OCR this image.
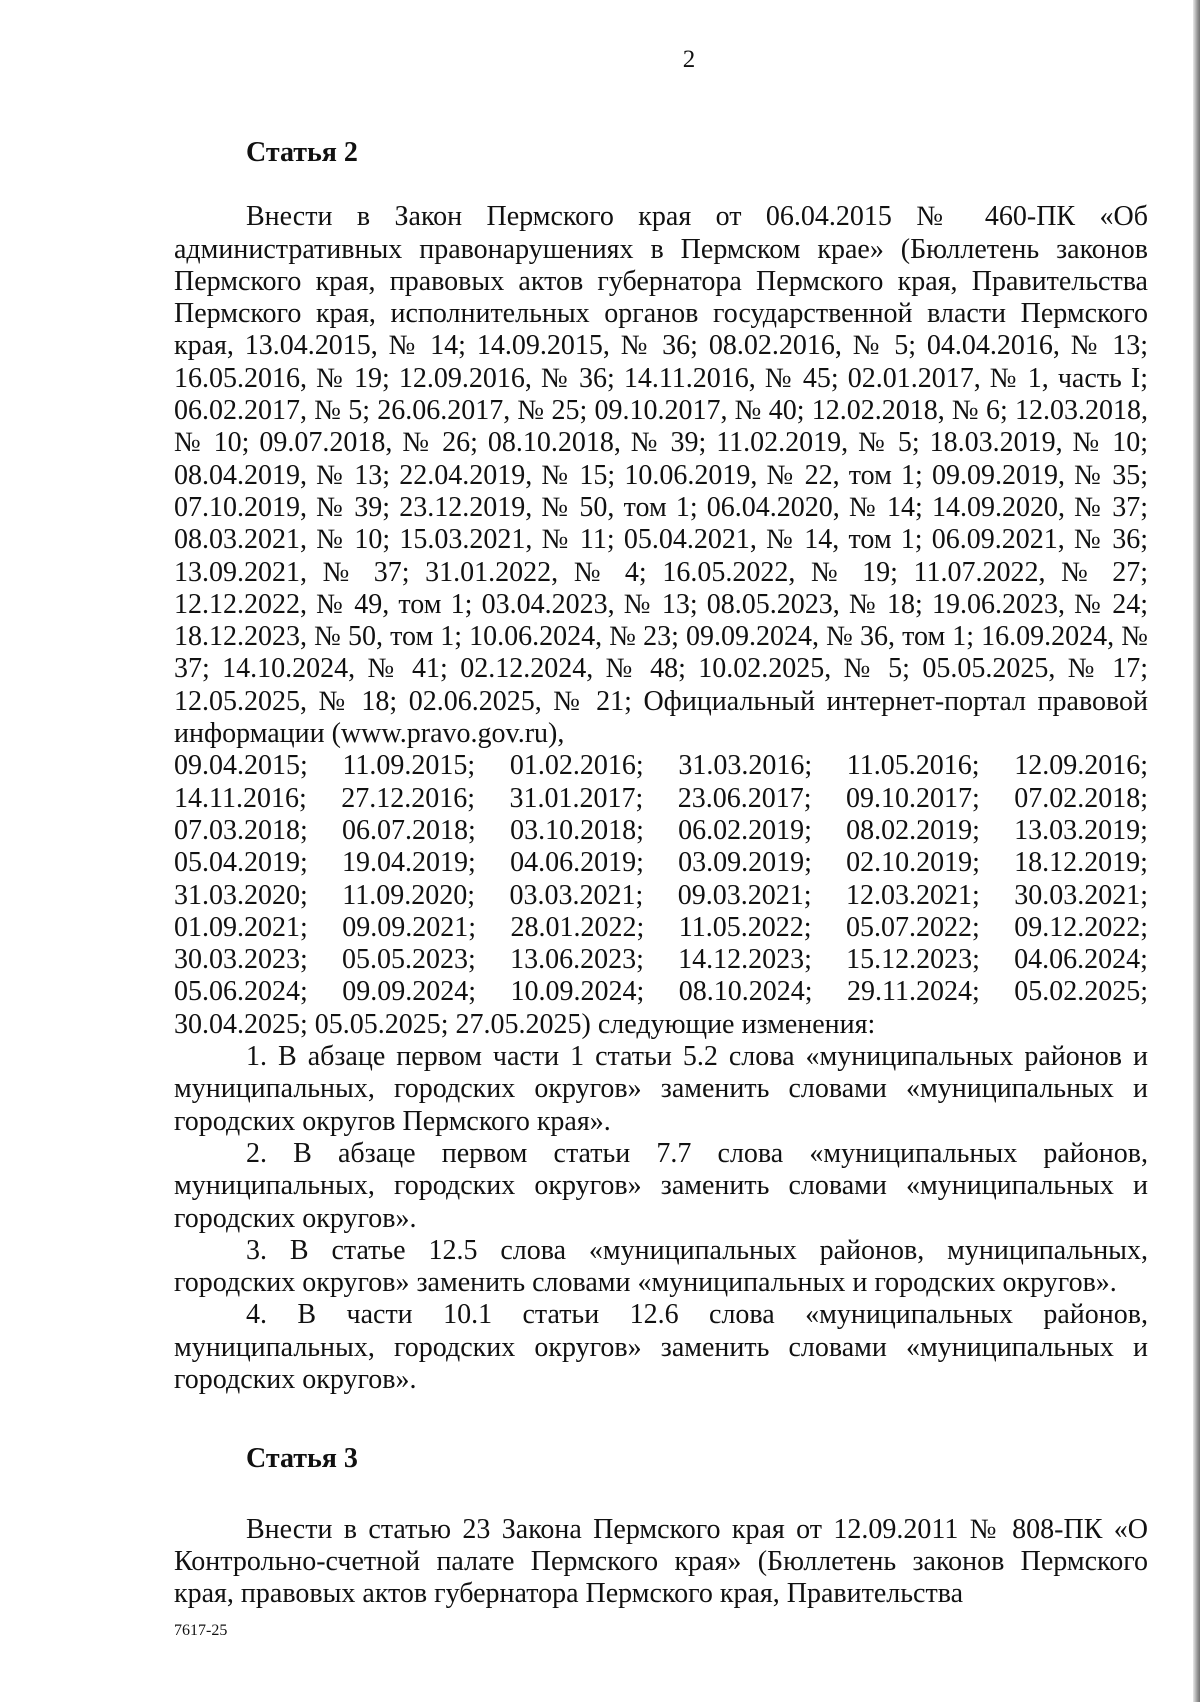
2
Статья 2

Внести в Закон Пермского края от 06.04.2015 № 460-ПК «Об административных правонарушениях в Пермском крае» (Бюллетень законов Пермского края, правовых актов губернатора Пермского края, Правительства Пермского края, исполнительных органов государственной власти Пермского края, 13.04.2015, № 14; 14.09.2015, № 36; 08.02.2016, № 5; 04.04.2016, № 13; 16.05.2016, № 19; 12.09.2016, № 36; 14.11.2016, № 45; 02.01.2017, № 1, часть I; 06.02.2017, № 5; 26.06.2017, № 25; 09.10.2017, № 40; 12.02.2018, № 6; 12.03.2018, № 10; 09.07.2018, № 26; 08.10.2018, № 39; 11.02.2019, № 5; 18.03.2019, № 10; 08.04.2019, № 13; 22.04.2019, № 15; 10.06.2019, № 22, том 1; 09.09.2019, № 35; 07.10.2019, № 39; 23.12.2019, № 50, том 1; 06.04.2020, № 14; 14.09.2020, № 37; 08.03.2021, № 10; 15.03.2021, № 11; 05.04.2021, № 14, том 1; 06.09.2021, № 36; 13.09.2021, № 37; 31.01.2022, № 4; 16.05.2022, № 19; 11.07.2022, № 27; 12.12.2022, № 49, том 1; 03.04.2023, № 13; 08.05.2023, № 18; 19.06.2023, № 24; 18.12.2023, № 50, том 1; 10.06.2024, № 23; 09.09.2024, № 36, том 1; 16.09.2024, № 37; 14.10.2024, № 41; 02.12.2024, № 48; 10.02.2025, № 5; 05.05.2025, № 17; 12.05.2025, № 18; 02.06.2025, № 21; Официальный интернет-портал правовой информации (www.pravo.gov.ru),

09.04.2015; 11.09.2015; 01.02.2016; 31.03.2016; 11.05.2016; 12.09.2016;
14.11.2016; 27.12.2016; 31.01.2017; 23.06.2017; 09.10.2017; 07.02.2018;
07.03.2018; 06.07.2018; 03.10.2018; 06.02.2019; 08.02.2019; 13.03.2019;
05.04.2019; 19.04.2019; 04.06.2019; 03.09.2019; 02.10.2019; 18.12.2019;
31.03.2020; 11.09.2020; 03.03.2021; 09.03.2021; 12.03.2021; 30.03.2021;
01.09.2021; 09.09.2021; 28.01.2022; 11.05.2022; 05.07.2022; 09.12.2022;
30.03.2023; 05.05.2023; 13.06.2023; 14.12.2023; 15.12.2023; 04.06.2024;
05.06.2024; 09.09.2024; 10.09.2024; 08.10.2024; 29.11.2024; 05.02.2025;
30.04.2025; 05.05.2025; 27.05.2025) следующие изменения:

1. В абзаце первом части 1 статьи 5.2 слова «муниципальных районов и муниципальных, городских округов» заменить словами «муниципальных и городских округов Пермского края».

2. В абзаце первом статьи 7.7 слова «муниципальных районов, муниципальных, городских округов» заменить словами «муниципальных и городских округов».

3. В статье 12.5 слова «муниципальных районов, муниципальных, городских округов» заменить словами «муниципальных и городских округов».

4. В части 10.1 статьи 12.6 слова «муниципальных районов, муниципальных, городских округов» заменить словами «муниципальных и городских округов».

Статья 3

Внести в статью 23 Закона Пермского края от 12.09.2011 № 808-ПК «О Контрольно-счетной палате Пермского края» (Бюллетень законов Пермского края, правовых актов губернатора Пермского края, Правительства

7617-25
